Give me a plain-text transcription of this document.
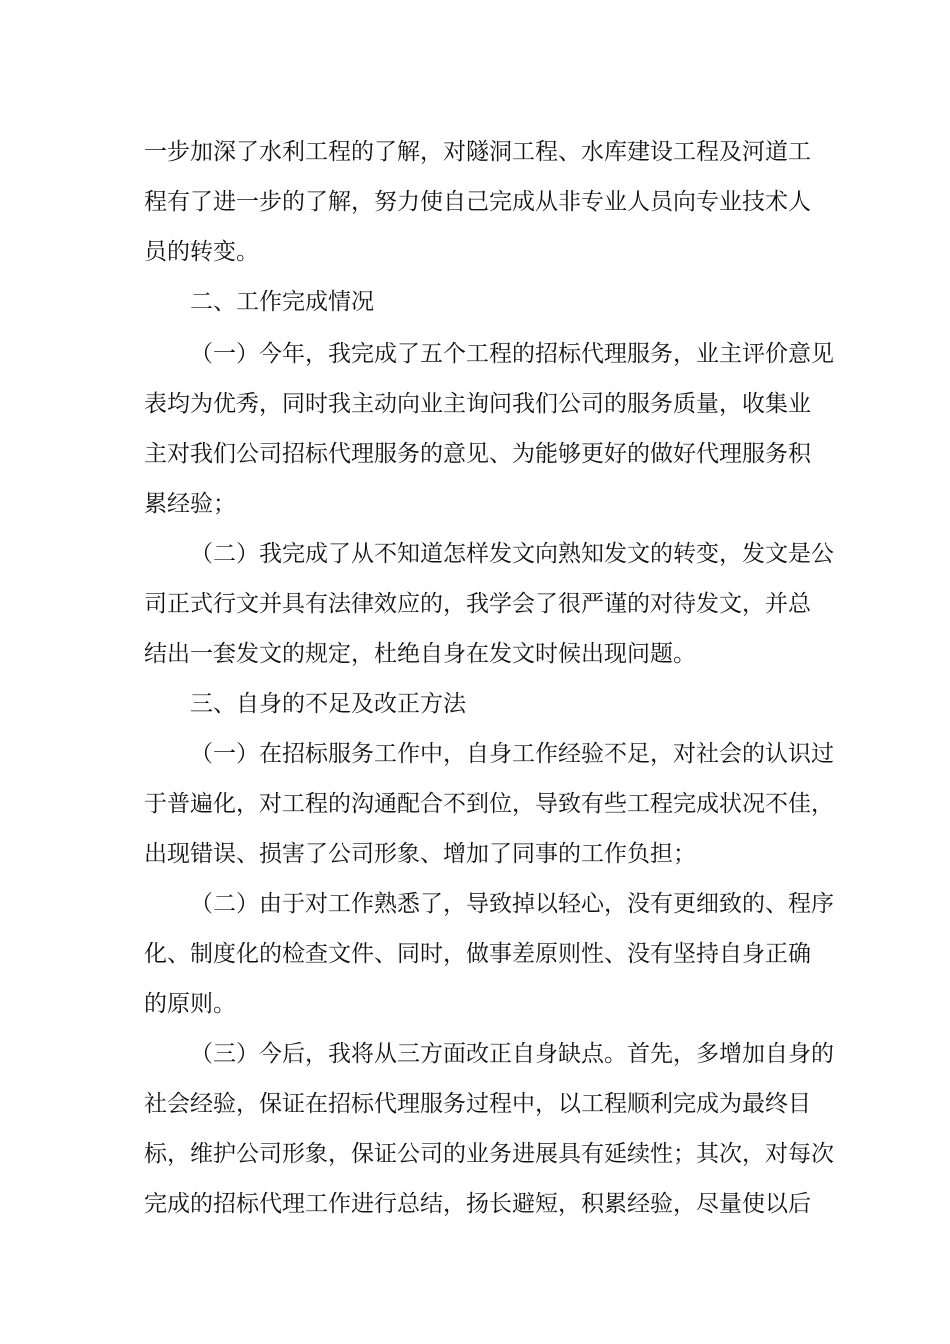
一步加深了水利工程的了解，对隧洞工程、水库建设工程及河道工
程有了进一步的了解，努力使自己完成从非专业人员向专业技术人
员的转变。
二、工作完成情况
（一）今年，我完成了五个工程的招标代理服务，业主评价意见
表均为优秀，同时我主动向业主询问我们公司的服务质量，收集业
主对我们公司招标代理服务的意见、为能够更好的做好代理服务积
累经验；
（二）我完成了从不知道怎样发文向熟知发文的转变，发文是公
司正式行文并具有法律效应的，我学会了很严谨的对待发文，并总
结出一套发文的规定，杜绝自身在发文时候出现问题。
三、自身的不足及改正方法
（一）在招标服务工作中，自身工作经验不足，对社会的认识过
于普遍化，对工程的沟通配合不到位，导致有些工程完成状况不佳，
出现错误、损害了公司形象、增加了同事的工作负担；
（二）由于对工作熟悉了，导致掉以轻心，没有更细致的、程序
化、制度化的检查文件、同时，做事差原则性、没有坚持自身正确
的原则。
（三）今后，我将从三方面改正自身缺点。首先，多增加自身的
社会经验，保证在招标代理服务过程中，以工程顺利完成为最终目
标，维护公司形象，保证公司的业务进展具有延续性；其次，对每次
完成的招标代理工作进行总结，扬长避短，积累经验，尽量使以后
